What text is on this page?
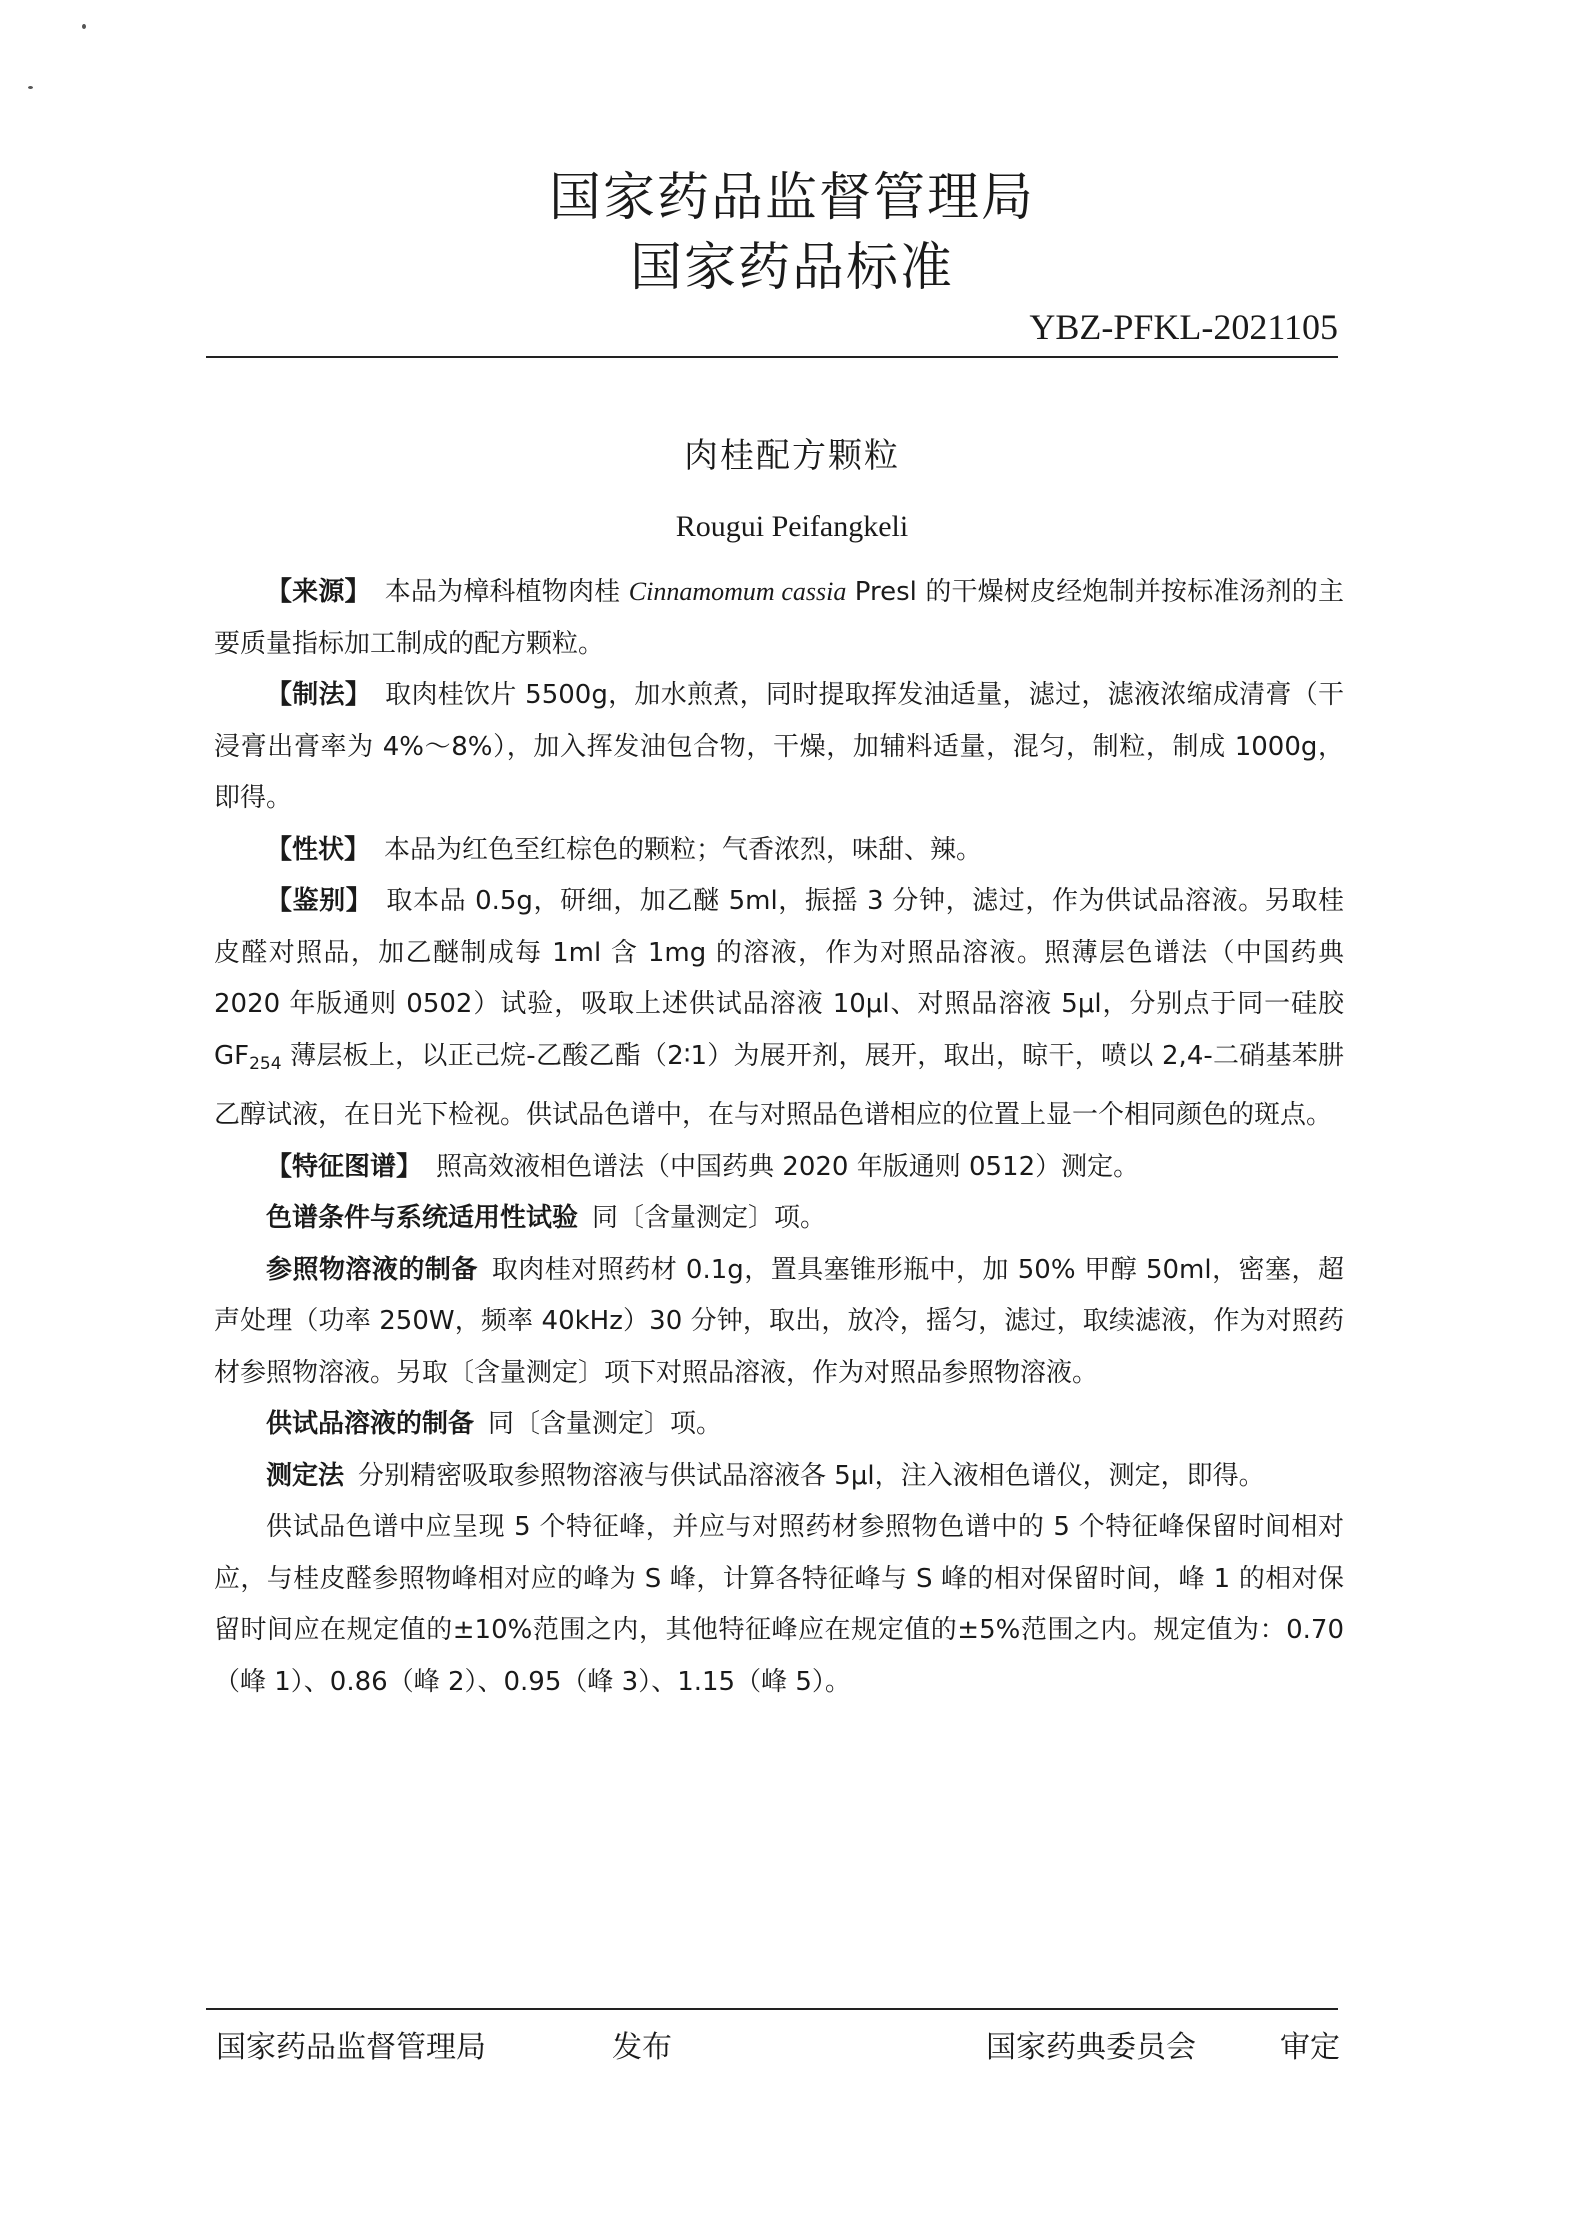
国家药品监督管理局
国家药品标准
YBZ-PFKL-2021105
肉桂配方颗粒
Rougui Peifangkeli

【来源】 本品为樟科植物肉桂 Cinnamomum cassia Presl 的干燥树皮经炮制并按标准汤剂的主要质量指标加工制成的配方颗粒。

【制法】 取肉桂饮片 5500g，加水煎煮，同时提取挥发油适量，滤过，滤液浓缩成清膏（干浸膏出膏率为 4%～8%），加入挥发油包合物，干燥，加辅料适量，混匀，制粒，制成 1000g，即得。

【性状】 本品为红色至红棕色的颗粒；气香浓烈，味甜、辣。

【鉴别】 取本品 0.5g，研细，加乙醚 5ml，振摇 3 分钟，滤过，作为供试品溶液。另取桂皮醛对照品，加乙醚制成每 1ml 含 1mg 的溶液，作为对照品溶液。照薄层色谱法（中国药典 2020 年版通则 0502）试验，吸取上述供试品溶液 10μl、对照品溶液 5μl，分别点于同一硅胶 $GF_{254}$ 薄层板上，以正己烷-乙酸乙酯（2∶1）为展开剂，展开，取出，晾干，喷以 2,4-二硝基苯肼乙醇试液，在日光下检视。供试品色谱中，在与对照品色谱相应的位置上显一个相同颜色的斑点。

【特征图谱】 照高效液相色谱法（中国药典 2020 年版通则 0512）测定。

色谱条件与系统适用性试验 同〔含量测定〕项。

参照物溶液的制备 取肉桂对照药材 0.1g，置具塞锥形瓶中，加 50% 甲醇 50ml，密塞，超声处理（功率 250W，频率 40kHz）30 分钟，取出，放冷，摇匀，滤过，取续滤液，作为对照药材参照物溶液。另取〔含量测定〕项下对照品溶液，作为对照品参照物溶液。

供试品溶液的制备 同〔含量测定〕项。

测定法 分别精密吸取参照物溶液与供试品溶液各 5μl，注入液相色谱仪，测定，即得。

供试品色谱中应呈现 5 个特征峰，并应与对照药材参照物色谱中的 5 个特征峰保留时间相对应，与桂皮醛参照物峰相对应的峰为 S 峰，计算各特征峰与 S 峰的相对保留时间，峰 1 的相对保留时间应在规定值的±10%范围之内，其他特征峰应在规定值的±5%范围之内。规定值为：0.70（峰 1）、0.86（峰 2）、0.95（峰 3）、1.15（峰 5）。

国家药品监督管理局	发布	国家药典委员会	审定
